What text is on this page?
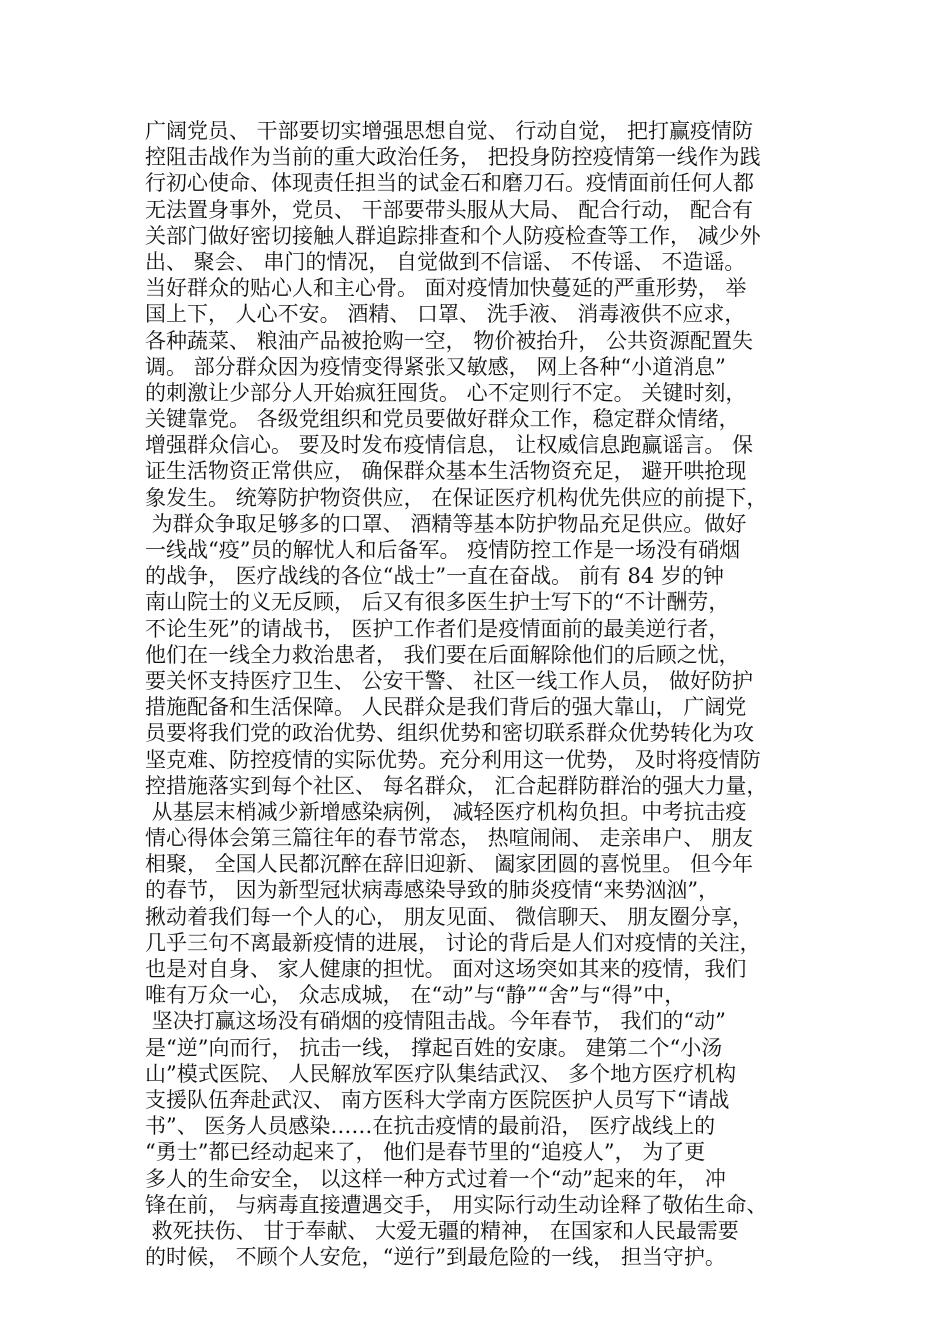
广阔党员、 干部要切实增强思想自觉、 行动自觉， 把打赢疫情防
控阻击战作为当前的重大政治任务， 把投身防控疫情第一线作为践
行初心使命、体现责任担当的试金石和磨刀石。疫情面前任何人都
无法置身事外，党员、 干部要带头服从大局、 配合行动， 配合有
关部门做好密切接触人群追踪排查和个人防疫检查等工作， 减少外
出、 聚会、 串门的情况， 自觉做到不信谣、 不传谣、 不造谣。
当好群众的贴心人和主心骨。 面对疫情加快蔓延的严重形势， 举
国上下， 人心不安。 酒精、 口罩、 洗手液、 消毒液供不应求，
各种蔬菜、 粮油产品被抢购一空， 物价被抬升， 公共资源配置失
调。 部分群众因为疫情变得紧张又敏感， 网上各种“小道消息”
的刺激让少部分人开始疯狂囤货。 心不定则行不定。 关键时刻，
关键靠党。 各级党组织和党员要做好群众工作，稳定群众情绪，
增强群众信心。 要及时发布疫情信息， 让权威信息跑赢谣言。 保
证生活物资正常供应， 确保群众基本生活物资充足， 避开哄抢现
象发生。 统筹防护物资供应， 在保证医疗机构优先供应的前提下，
为群众争取足够多的口罩、 酒精等基本防护物品充足供应。做好
一线战“疫”员的解忧人和后备军。 疫情防控工作是一场没有硝烟
的战争， 医疗战线的各位“战士”一直在奋战。 前有 84 岁的钟
南山院士的义无反顾， 后又有很多医生护士写下的“不计酬劳，
不论生死”的请战书， 医护工作者们是疫情面前的最美逆行者，
他们在一线全力救治患者， 我们要在后面解除他们的后顾之忧，
要关怀支持医疗卫生、 公安干警、 社区一线工作人员， 做好防护
措施配备和生活保障。 人民群众是我们背后的强大靠山， 广阔党
员要将我们党的政治优势、组织优势和密切联系群众优势转化为攻
坚克难、防控疫情的实际优势。充分利用这一优势， 及时将疫情防
控措施落实到每个社区、 每名群众， 汇合起群防群治的强大力量，
从基层末梢减少新增感染病例， 减轻医疗机构负担。中考抗击疫
情心得体会第三篇往年的春节常态， 热喧闹闹、 走亲串户、 朋友
相聚， 全国人民都沉醉在辞旧迎新、 阖家团圆的喜悦里。 但今年
的春节， 因为新型冠状病毒感染导致的肺炎疫情“来势汹汹”，
揪动着我们每一个人的心， 朋友见面、 微信聊天、 朋友圈分享，
几乎三句不离最新疫情的进展， 讨论的背后是人们对疫情的关注，
也是对自身、 家人健康的担忧。 面对这场突如其来的疫情，我们
唯有万众一心， 众志成城， 在“动”与“静”“舍”与“得”中，
坚决打赢这场没有硝烟的疫情阻击战。今年春节， 我们的“动”
是“逆”向而行， 抗击一线， 撑起百姓的安康。 建第二个“小汤
山”模式医院、 人民解放军医疗队集结武汉、 多个地方医疗机构
支援队伍奔赴武汉、 南方医科大学南方医院医护人员写下“请战
书”、 医务人员感染……在抗击疫情的最前沿， 医疗战线上的
“勇士”都已经动起来了， 他们是春节里的“追疫人”， 为了更
多人的生命安全， 以这样一种方式过着一个“动”起来的年， 冲
锋在前， 与病毒直接遭遇交手， 用实际行动生动诠释了敬佑生命、
救死扶伤、 甘于奉献、 大爱无疆的精神， 在国家和人民最需要
的时候， 不顾个人安危，“逆行”到最危险的一线， 担当守护。
